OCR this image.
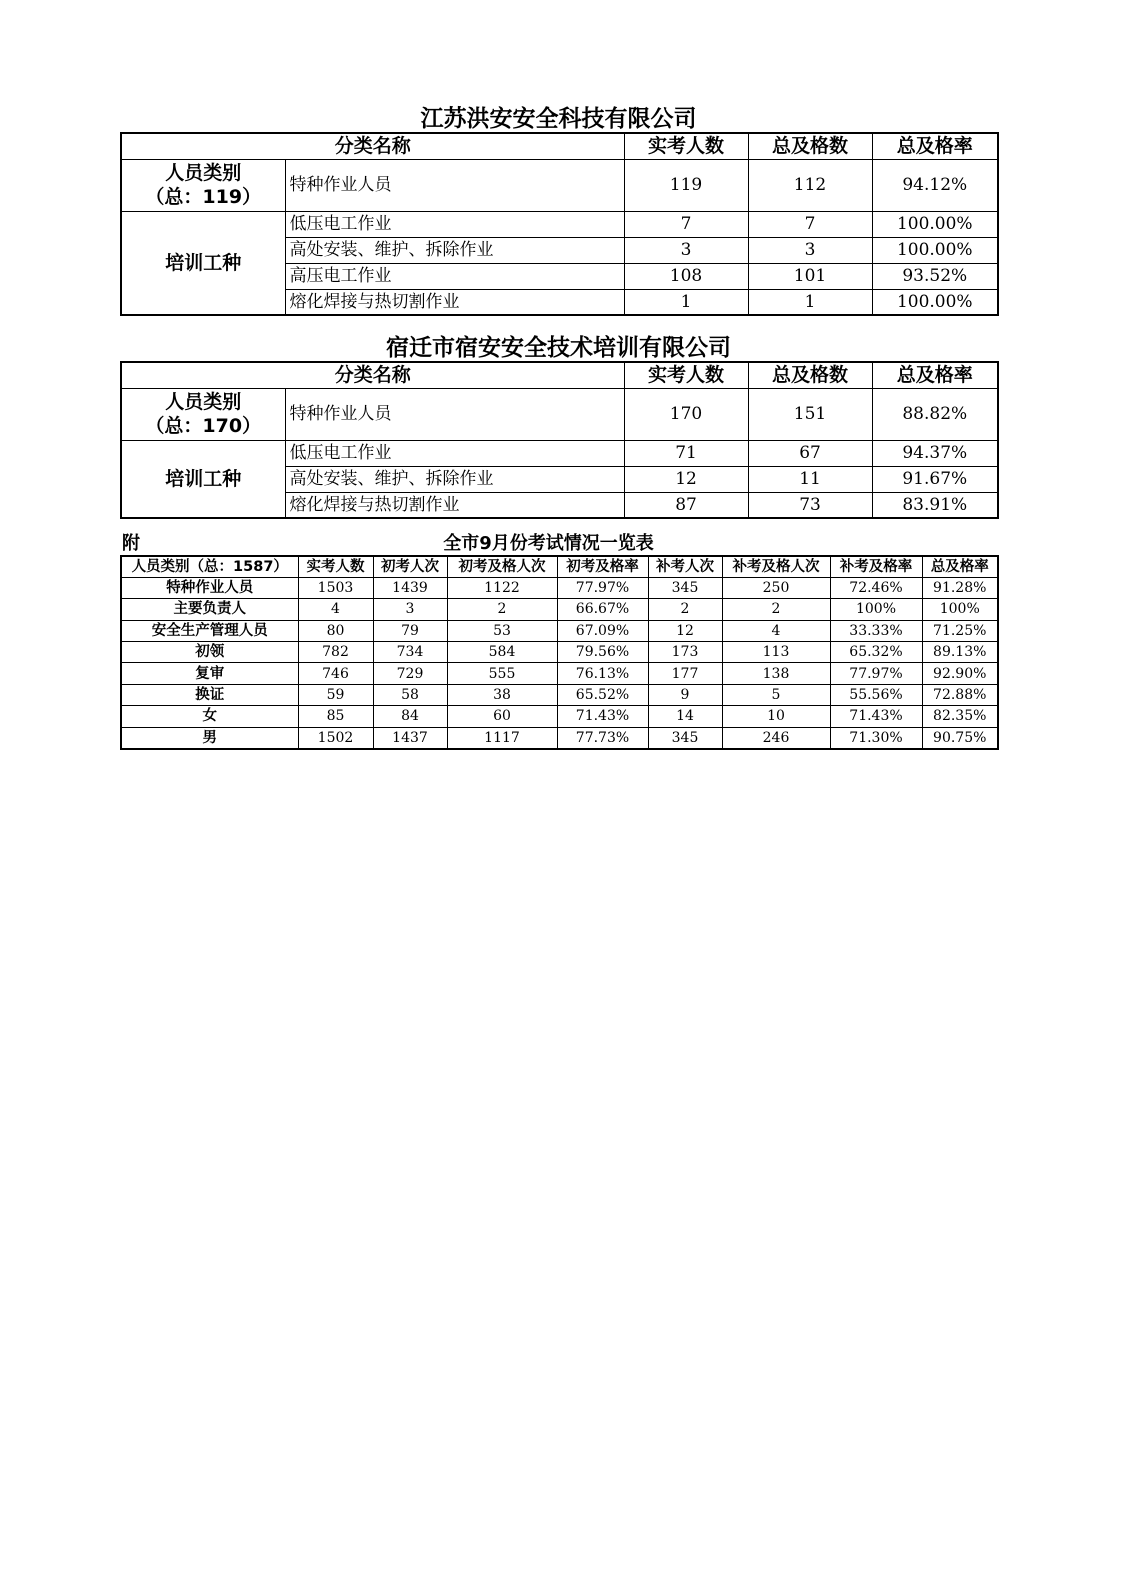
江苏洪安安全科技有限公司
分类名称		实考人数	总及格数	总及格率

人员类别
（总：119）	特种作业人员	119	112	94.12%
培训工种	低压电工作业	7	7	100.00%
	高处安装、维护、拆除作业	3	3	100.00%
	高压电工作业	108	101	93.52%
	熔化焊接与热切割作业	1	1	100.00%
宿迁市宿安安全技术培训有限公司
分类名称		实考人数	总及格数	总及格率

人员类别
（总：170）	特种作业人员	170	151	88.82%
培训工种	低压电工作业	71	67	94.37%
	高处安装、维护、拆除作业	12	11	91.67%
	熔化焊接与热切割作业	87	73	83.91%
附	全市9月份考试情况一览表
人员类别（总：1587）	实考人数	初考人次	初考及格人次	初考及格率	补考人次	补考及格人次	补考及格率	总及格率
特种作业人员	1503	1439	1122	77.97%	345	250	72.46%	91.28%
主要负责人	4	3	2	66.67%	2	2	100%	100%
安全生产管理人员	80	79	53	67.09%	12	4	33.33%	71.25%
初领	782	734	584	79.56%	173	113	65.32%	89.13%
复审	746	729	555	76.13%	177	138	77.97%	92.90%
换证	59	58	38	65.52%	9	5	55.56%	72.88%
女	85	84	60	71.43%	14	10	71.43%	82.35%
男	1502	1437	1117	77.73%	345	246	71.30%	90.75%
